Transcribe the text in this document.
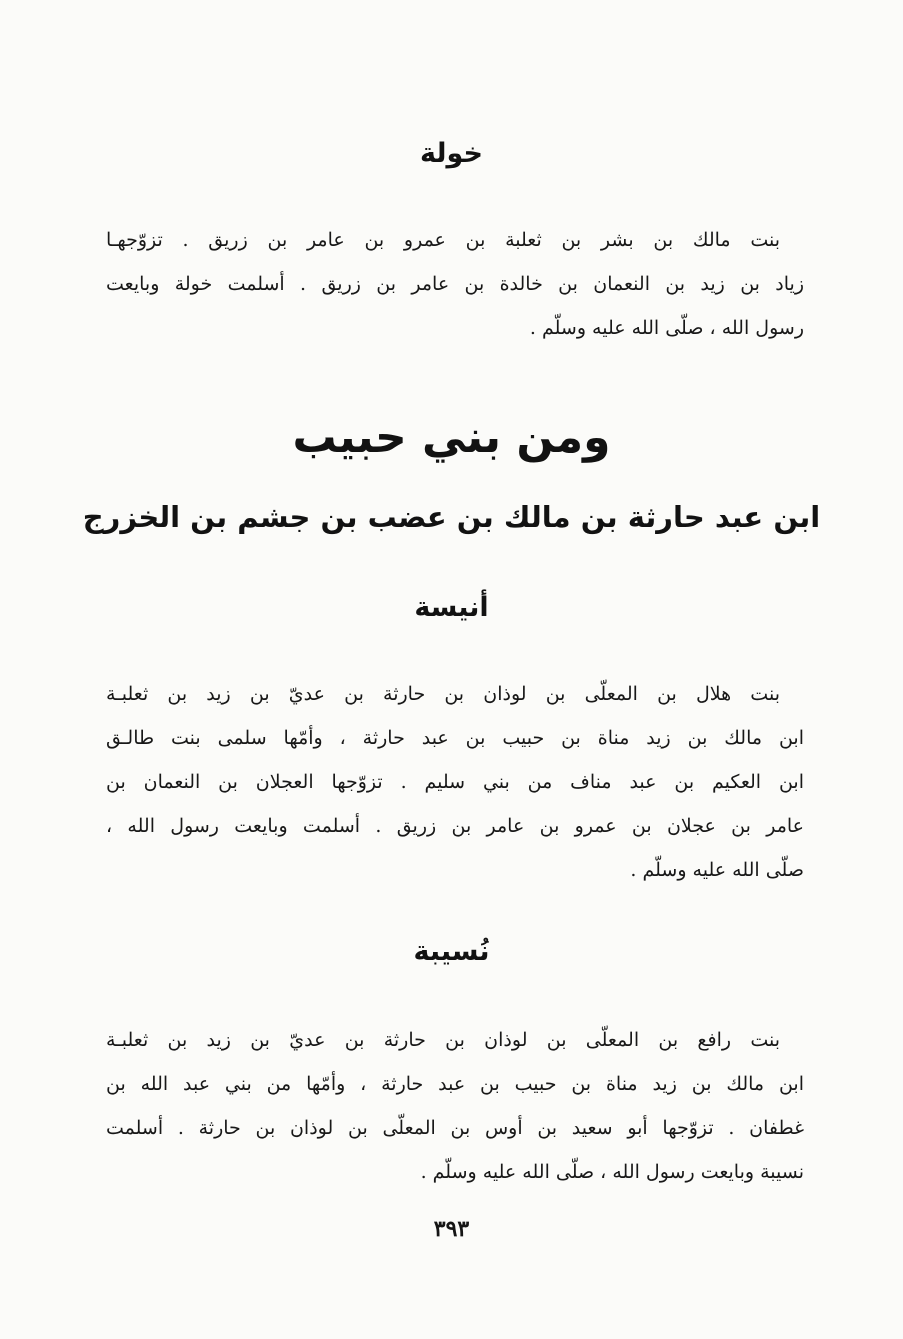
خولة
بنت مالك بن بشر بن ثعلبة بن عمرو بن عامر بن زريق . تزوّجهـا
زياد بن زيد بن النعمان بن خالدة بن عامر بن زريق . أسلمت خولة وبايعت
رسول الله ، صلّى الله عليه وسلّم .
ومن بني حبيب
ابن عبد حارثة بن مالك بن عضب بن جشم بن الخزرج
أنيسة
بنت هلال بن المعلّى بن لوذان بن حارثة بن عديّ بن زيد بن ثعلبـة
ابن مالك بن زيد مناة بن حبيب بن عبد حارثة ، وأمّها سلمى بنت طالـق
ابن العكيم بن عبد مناف من بني سليم . تزوّجها العجلان بن النعمان بن
عامر بن عجلان بن عمرو بن عامر بن زريق . أسلمت وبايعت رسول الله ،
صلّى الله عليه وسلّم .
نُسيبة
بنت رافع بن المعلّى بن لوذان بن حارثة بن عديّ بن زيد بن ثعلبـة
ابن مالك بن زيد مناة بن حبيب بن عبد حارثة ، وأمّها من بني عبد الله بن
غطفان . تزوّجها أبو سعيد بن أوس بن المعلّى بن لوذان بن حارثة . أسلمت
نسيبة وبايعت رسول الله ، صلّى الله عليه وسلّم .
٣٩٣
